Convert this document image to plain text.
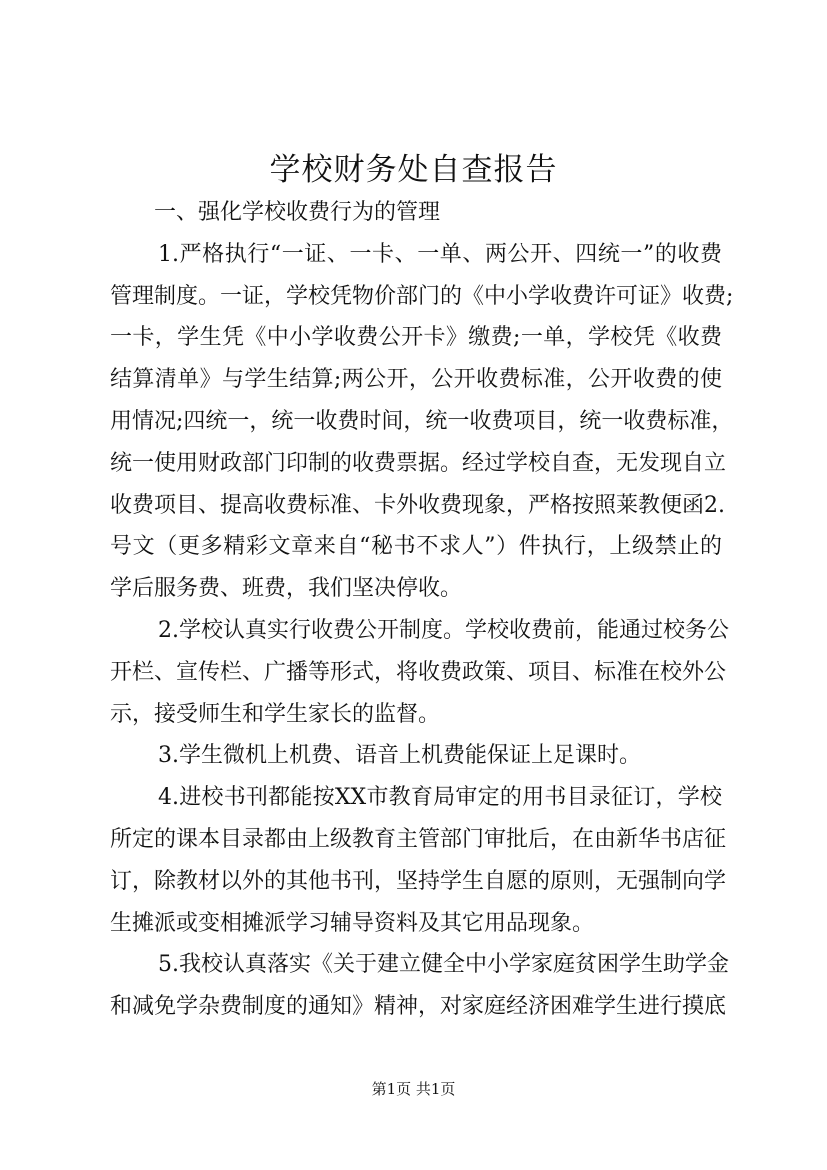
学校财务处自查报告
一、强化学校收费行为的管理
1.严格执行“一证、一卡、一单、两公开、四统一”的收费
管理制度。一证，学校凭物价部门的《中小学收费许可证》收费;
一卡，学生凭《中小学收费公开卡》缴费;一单，学校凭《收费
结算清单》与学生结算;两公开，公开收费标准，公开收费的使
用情况;四统一，统一收费时间，统一收费项目，统一收费标准，
统一使用财政部门印制的收费票据。经过学校自查，无发现自立
收费项目、提高收费标准、卡外收费现象，严格按照莱教便函2.
号文（更多精彩文章来自“秘书不求人”）件执行，上级禁止的
学后服务费、班费，我们坚决停收。
2.学校认真实行收费公开制度。学校收费前，能通过校务公
开栏、宣传栏、广播等形式，将收费政策、项目、标准在校外公
示，接受师生和学生家长的监督。
3.学生微机上机费、语音上机费能保证上足课时。
4.进校书刊都能按XX市教育局审定的用书目录征订，学校
所定的课本目录都由上级教育主管部门审批后，在由新华书店征
订，除教材以外的其他书刊，坚持学生自愿的原则，无强制向学
生摊派或变相摊派学习辅导资料及其它用品现象。
5.我校认真落实《关于建立健全中小学家庭贫困学生助学金
和减免学杂费制度的通知》精神，对家庭经济困难学生进行摸底
第1页 共1页
